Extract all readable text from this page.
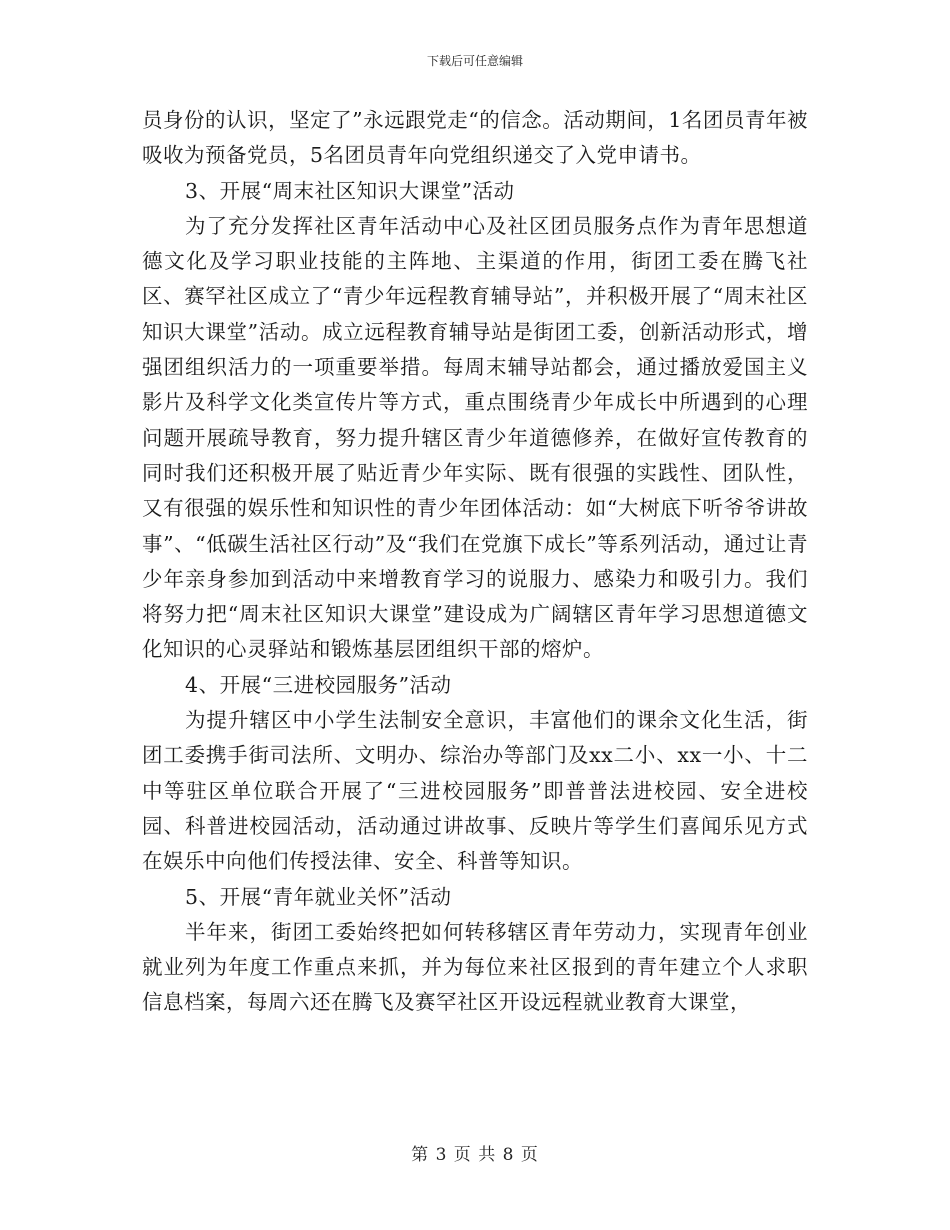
下载后可任意编辑

员身份的认识，坚定了”永远跟党走“的信念。活动期间，1名团员青年被吸收为预备党员，5名团员青年向党组织递交了入党申请书。

3、开展“周末社区知识大课堂”活动

为了充分发挥社区青年活动中心及社区团员服务点作为青年思想道德文化及学习职业技能的主阵地、主渠道的作用，街团工委在腾飞社区、赛罕社区成立了“青少年远程教育辅导站”，并积极开展了“周末社区知识大课堂”活动。成立远程教育辅导站是街团工委，创新活动形式，增强团组织活力的一项重要举措。每周末辅导站都会，通过播放爱国主义影片及科学文化类宣传片等方式，重点围绕青少年成长中所遇到的心理问题开展疏导教育，努力提升辖区青少年道德修养，在做好宣传教育的同时我们还积极开展了贴近青少年实际、既有很强的实践性、团队性，又有很强的娱乐性和知识性的青少年团体活动：如“大树底下听爷爷讲故事”、“低碳生活社区行动”及“我们在党旗下成长”等系列活动，通过让青少年亲身参加到活动中来增教育学习的说服力、感染力和吸引力。我们将努力把“周末社区知识大课堂”建设成为广阔辖区青年学习思想道德文化知识的心灵驿站和锻炼基层团组织干部的熔炉。

4、开展“三进校园服务”活动

为提升辖区中小学生法制安全意识，丰富他们的课余文化生活，街团工委携手街司法所、文明办、综治办等部门及xx二小、xx一小、十二中等驻区单位联合开展了“三进校园服务”即普普法进校园、安全进校园、科普进校园活动，活动通过讲故事、反映片等学生们喜闻乐见方式在娱乐中向他们传授法律、安全、科普等知识。

5、开展“青年就业关怀”活动

半年来，街团工委始终把如何转移辖区青年劳动力，实现青年创业就业列为年度工作重点来抓，并为每位来社区报到的青年建立个人求职信息档案，每周六还在腾飞及赛罕社区开设远程就业教育大课堂，

第 3 页 共 8 页
